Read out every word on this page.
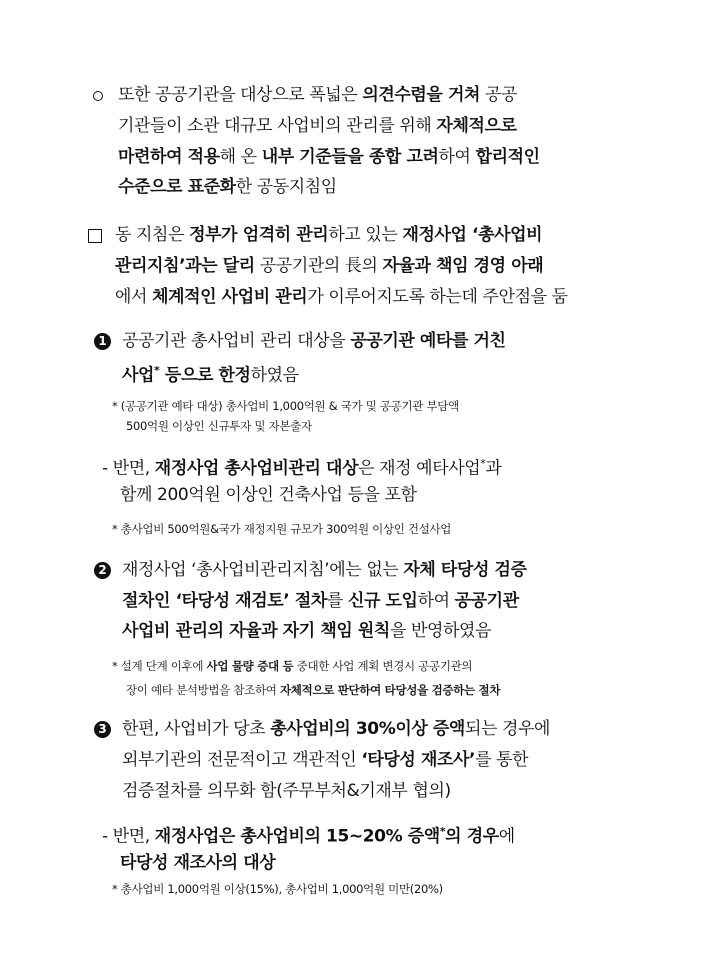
또한 공공기관을 대상으로 폭넓은 의견수렴을 거쳐 공공
기관들이 소관 대규모 사업비의 관리를 위해 자체적으로
마련하여 적용해 온 내부 기준들을 종합 고려하여 합리적인
수준으로 표준화한 공동지침임
동 지침은 정부가 엄격히 관리하고 있는 재정사업 ‘총사업비
관리지침’과는 달리 공공기관의 長의 자율과 책임 경영 아래
에서 체계적인 사업비 관리가 이루어지도록 하는데 주안점을 둠
1 공공기관 총사업비 관리 대상을 공공기관 예타를 거친
사업* 등으로 한정하였음
* (공공기관 예타 대상) 총사업비 1,000억원 & 국가 및 공공기관 부담액
500억원 이상인 신규투자 및 자본출자
- 반면, 재정사업 총사업비관리 대상은 재정 예타사업*과
함께 200억원 이상인 건축사업 등을 포함
* 총사업비 500억원&국가 재정지원 규모가 300억원 이상인 건설사업
2 재정사업 ‘총사업비관리지침’에는 없는 자체 타당성 검증
절차인 ‘타당성 재검토’ 절차를 신규 도입하여 공공기관
사업비 관리의 자율과 자기 책임 원칙을 반영하였음
* 설계 단계 이후에 사업 물량 증대 등 중대한 사업 계획 변경시 공공기관의
장이 예타 분석방법을 참조하여 자체적으로 판단하여 타당성을 검증하는 절차
3 한편, 사업비가 당초 총사업비의 30%이상 증액되는 경우에
외부기관의 전문적이고 객관적인 ‘타당성 재조사’를 통한
검증절차를 의무화 함(주무부처&기재부 협의)
- 반면, 재정사업은 총사업비의 15∼20% 증액*의 경우에
타당성 재조사의 대상
* 총사업비 1,000억원 이상(15%), 총사업비 1,000억원 미만(20%)
